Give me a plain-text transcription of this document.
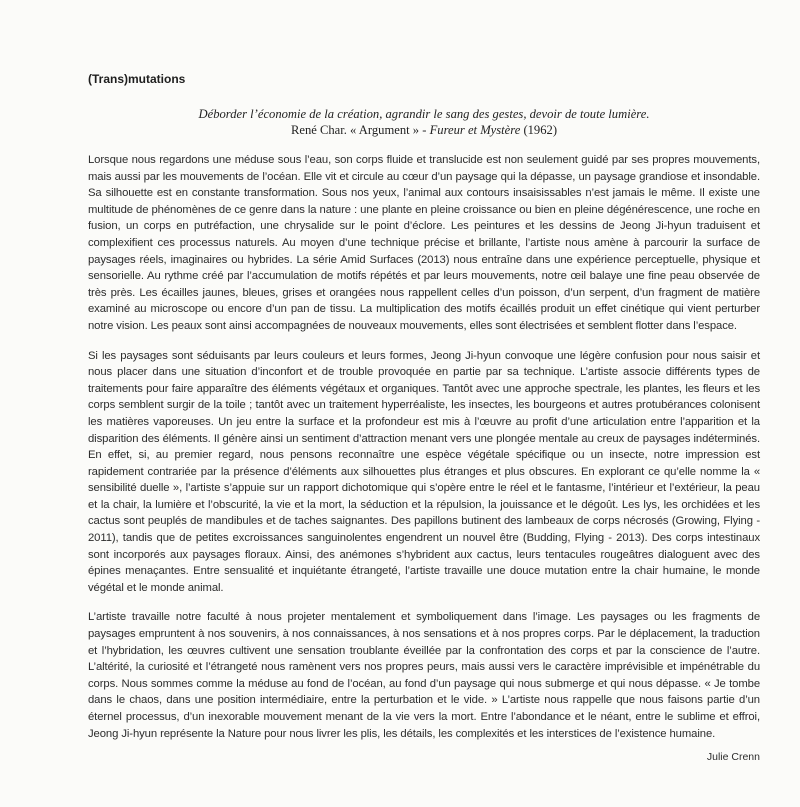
(Trans)mutations
Déborder l’économie de la création, agrandir le sang des gestes, devoir de toute lumière.
René Char. « Argument » - Fureur et Mystère (1962)

Lorsque nous regardons une méduse sous l’eau, son corps fluide et translucide est non seulement guidé par ses propres mouvements, mais aussi par les mouvements de l’océan. Elle vit et circule au cœur d’un paysage qui la dépasse, un paysage grandiose et insondable. Sa silhouette est en constante transformation. Sous nos yeux, l’animal aux contours insaisissables n’est jamais le même. Il existe une multitude de phénomènes de ce genre dans la nature : une plante en pleine croissance ou bien en pleine dégénérescence, une roche en fusion, un corps en putréfaction, une chrysalide sur le point d’éclore. Les peintures et les dessins de Jeong Ji-hyun traduisent et complexifient ces processus naturels. Au moyen d’une technique précise et brillante, l’artiste nous amène à parcourir la surface de paysages réels, imaginaires ou hybrides. La série Amid Surfaces (2013) nous entraîne dans une expérience perceptuelle, physique et sensorielle. Au rythme créé par l’accumulation de motifs répétés et par leurs mouvements, notre œil balaye une fine peau observée de très près. Les écailles jaunes, bleues, grises et orangées nous rappellent celles d’un poisson, d’un serpent, d’un fragment de matière examiné au microscope ou encore d’un pan de tissu. La multiplication des motifs écaillés produit un effet cinétique qui vient perturber notre vision. Les peaux sont ainsi accompagnées de nouveaux mouvements, elles sont électrisées et semblent flotter dans l’espace.

Si les paysages sont séduisants par leurs couleurs et leurs formes, Jeong Ji-hyun convoque une légère confusion pour nous saisir et nous placer dans une situation d’inconfort et de trouble provoquée en partie par sa technique. L’artiste associe différents types de traitements pour faire apparaître des éléments végétaux et organiques. Tantôt avec une approche spectrale, les plantes, les fleurs et les corps semblent surgir de la toile ; tantôt avec un traitement hyperréaliste, les insectes, les bourgeons et autres protubérances colonisent les matières vaporeuses. Un jeu entre la surface et la profondeur est mis à l’œuvre au profit d’une articulation entre l’apparition et la disparition des éléments. Il génère ainsi un sentiment d’attraction menant vers une plongée mentale au creux de paysages indéterminés. En effet, si, au premier regard, nous pensons reconnaître une espèce végétale spécifique ou un insecte, notre impression est rapidement contrariée par la présence d’éléments aux silhouettes plus étranges et plus obscures. En explorant ce qu’elle nomme la « sensibilité duelle », l’artiste s’appuie sur un rapport dichotomique qui s’opère entre le réel et le fantasme, l’intérieur et l’extérieur, la peau et la chair, la lumière et l’obscurité, la vie et la mort, la séduction et la répulsion, la jouissance et le dégoût. Les lys, les orchidées et les cactus sont peuplés de mandibules et de taches saignantes. Des papillons butinent des lambeaux de corps nécrosés (Growing, Flying - 2011), tandis que de petites excroissances sanguinolentes engendrent un nouvel être (Budding, Flying - 2013). Des corps intestinaux sont incorporés aux paysages floraux. Ainsi, des anémones s’hybrident aux cactus, leurs tentacules rougeâtres dialoguent avec des épines menaçantes. Entre sensualité et inquiétante étrangeté, l’artiste travaille une douce mutation entre la chair humaine, le monde végétal et le monde animal.

L’artiste travaille notre faculté à nous projeter mentalement et symboliquement dans l’image. Les paysages ou les fragments de paysages empruntent à nos souvenirs, à nos connaissances, à nos sensations et à nos propres corps. Par le déplacement, la traduction et l’hybridation, les œuvres cultivent une sensation troublante éveillée par la confrontation des corps et par la conscience de l’autre. L’altérité, la curiosité et l’étrangeté nous ramènent vers nos propres peurs, mais aussi vers le caractère imprévisible et impénétrable du corps. Nous sommes comme la méduse au fond de l’océan, au fond d’un paysage qui nous submerge et qui nous dépasse. « Je tombe dans le chaos, dans une position intermédiaire, entre la perturbation et le vide. » L’artiste nous rappelle que nous faisons partie d’un éternel processus, d’un inexorable mouvement menant de la vie vers la mort. Entre l’abondance et le néant, entre le sublime et effroi, Jeong Ji-hyun représente la Nature pour nous livrer les plis, les détails, les complexités et les interstices de l’existence humaine.

Julie Crenn
